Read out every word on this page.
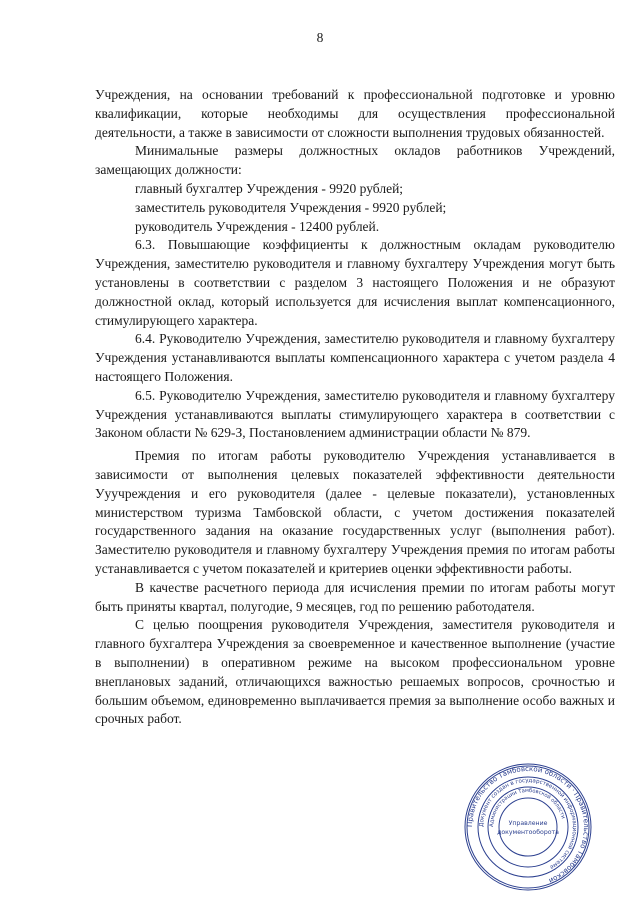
8

Учреждения, на основании требований к профессиональной подготовке и уровню квалификации, которые необходимы для осуществления профессиональной деятельности, а также в зависимости от сложности выполнения трудовых обязанностей.

Минимальные размеры должностных окладов работников Учреждений, замещающих должности:

главный бухгалтер Учреждения - 9920 рублей;

заместитель руководителя Учреждения - 9920 рублей;

руководитель Учреждения - 12400 рублей.

6.3. Повышающие коэффициенты к должностным окладам руководителю Учреждения, заместителю руководителя и главному бухгалтеру Учреждения могут быть установлены в соответствии с разделом 3 настоящего Положения и не образуют должностной оклад, который используется для исчисления выплат компенсационного, стимулирующего характера.

6.4. Руководителю Учреждения, заместителю руководителя и главному бухгалтеру Учреждения устанавливаются выплаты компенсационного характера с учетом раздела 4 настоящего Положения.

6.5. Руководителю Учреждения, заместителю руководителя и главному бухгалтеру Учреждения устанавливаются выплаты стимулирующего характера в соответствии с Законом области № 629-З, Постановлением администрации области № 879.

Премия по итогам работы руководителю Учреждения устанавливается в зависимости от выполнения целевых показателей эффективности деятельности Ууучреждения и его руководителя (далее - целевые показатели), установленных министерством туризма Тамбовской области, с учетом достижения показателей государственного задания на оказание государственных услуг (выполнения работ). Заместителю руководителя и главному бухгалтеру Учреждения премия по итогам работы устанавливается с учетом показателей и критериев оценки эффективности работы.

В качестве расчетного периода для исчисления премии по итогам работы могут быть приняты квартал, полугодие, 9 месяцев, год по решению работодателя.

С целью поощрения руководителя Учреждения, заместителя руководителя и главного бухгалтера Учреждения за своевременное и качественное выполнение (участие в выполнении) в оперативном режиме на высоком профессиональном уровне внеплановых заданий, отличающихся важностью решаемых вопросов, срочностью и большим объемом, единовременно выплачивается премия за выполнение особо важных и срочных работ.

Правительство Тамбовской области · Правительство Тамбовской
Документ создан в государственной информационной системе
Администрации Тамбовской области
Управление
документооборота
